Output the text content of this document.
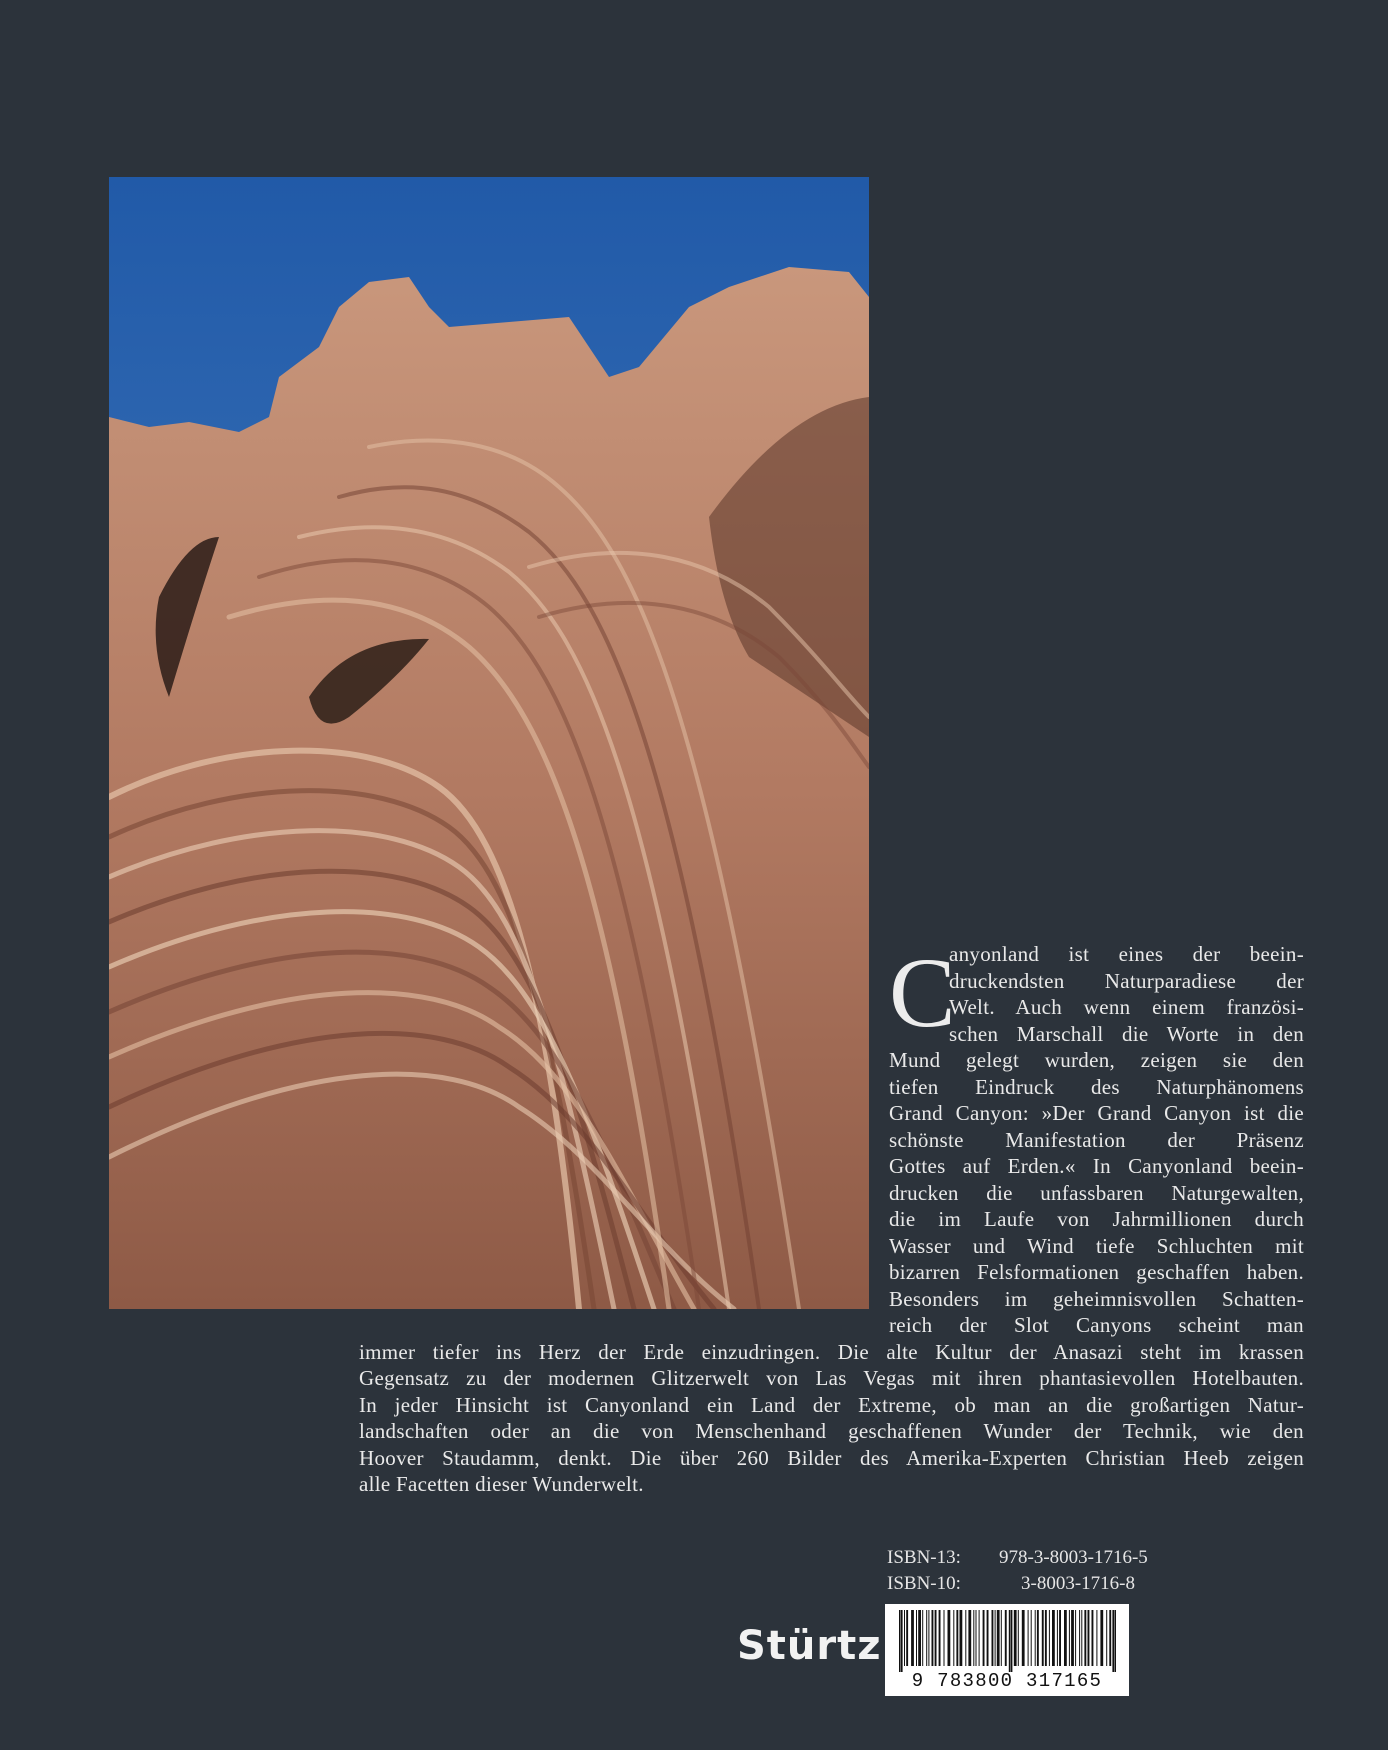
C
anyonland ist eines der beein-
druckendsten Naturparadiese der
Welt. Auch wenn einem französi-
schen Marschall die Worte in den
Mund gelegt wurden, zeigen sie den
tiefen Eindruck des Naturphänomens
Grand Canyon: »Der Grand Canyon ist die
schönste Manifestation der Präsenz
Gottes auf Erden.« In Canyonland beein-
drucken die unfassbaren Naturgewalten,
die im Laufe von Jahrmillionen durch
Wasser und Wind tiefe Schluchten mit
bizarren Felsformationen geschaffen haben.
Besonders im geheimnisvollen Schatten-
reich der Slot Canyons scheint man
immer tiefer ins Herz der Erde einzudringen. Die alte Kultur der Anasazi steht im krassen
Gegensatz zu der modernen Glitzerwelt von Las Vegas mit ihren phantasievollen Hotelbauten.
In jeder Hinsicht ist Canyonland ein Land der Extreme, ob man an die großartigen Natur-
landschaften oder an die von Menschenhand geschaffenen Wunder der Technik, wie den
Hoover Staudamm, denkt. Die über 260 Bilder des Amerika-Experten Christian Heeb zeigen
alle Facetten dieser Wunderwelt.
ISBN-13:	978-3-8003-1716-5
ISBN-10:	3-8003-1716-8
Stürtz
9 783800 317165
